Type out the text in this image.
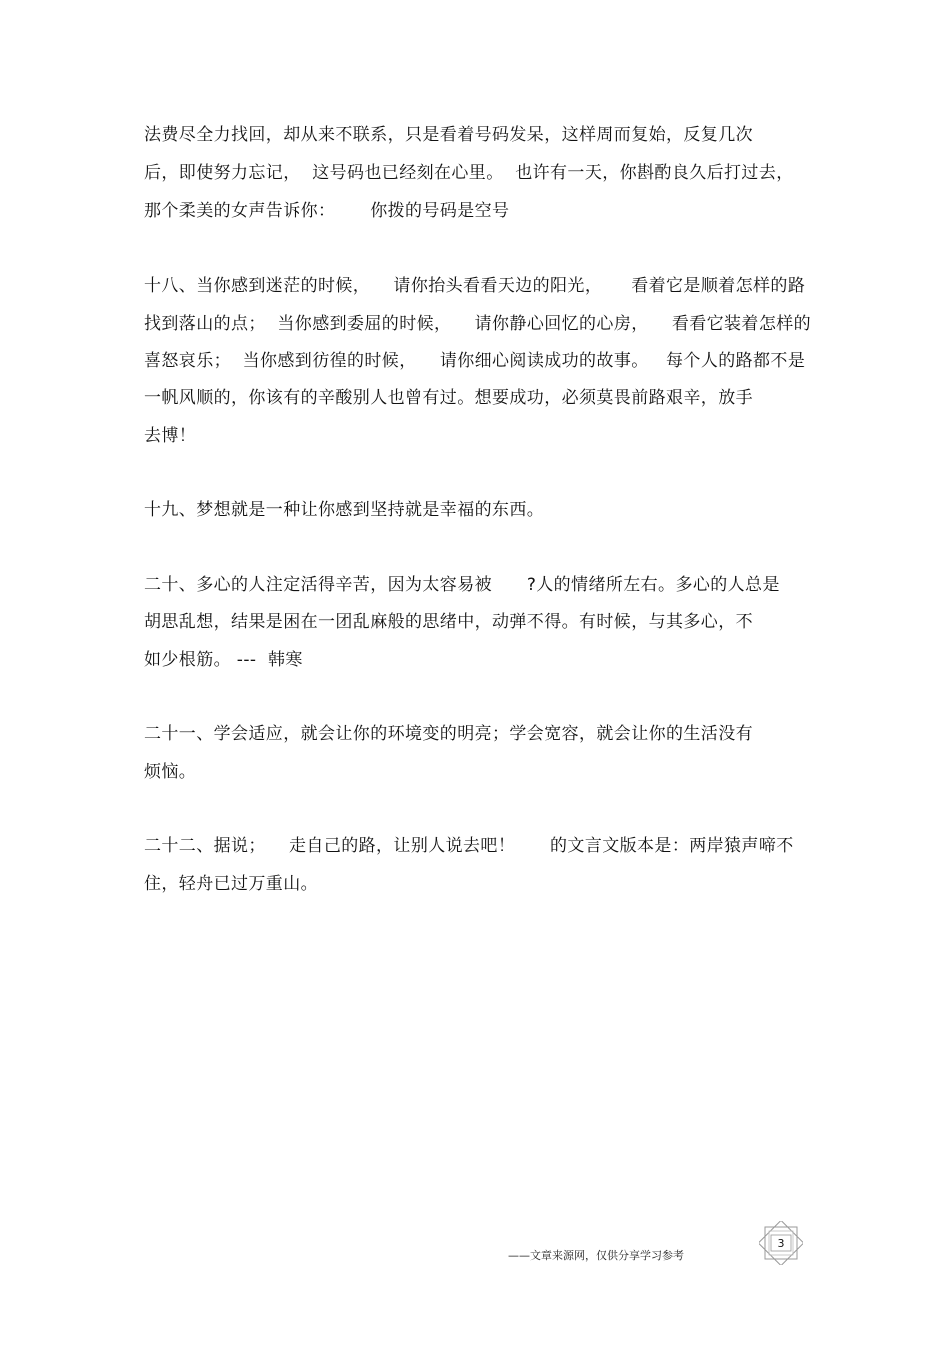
法费尽全力找回，却从来不联系，只是看着号码发呆，这样周而复始，反复几次
后，即使努力忘记，  这号码也已经刻在心里。  也许有一天，你斟酌良久后打过去，
那个柔美的女声告诉你：      你拨的号码是空号
十八、当你感到迷茫的时候，    请你抬头看看天边的阳光，     看着它是顺着怎样的路
找到落山的点；  当你感到委屈的时候，    请你静心回忆的心房，    看看它装着怎样的
喜怒哀乐；  当你感到彷徨的时候，    请你细心阅读成功的故事。   每个人的路都不是
一帆风顺的，你该有的辛酸别人也曾有过。想要成功，必须莫畏前路艰辛，放手
去博！
十九、梦想就是一种让你感到坚持就是幸福的东西。
二十、多心的人注定活得辛苦，因为太容易被      ?人的情绪所左右。多心的人总是
胡思乱想，结果是困在一团乱麻般的思绪中，动弹不得。有时候，与其多心，不
如少根筋。 ---  韩寒
二十一、学会适应，就会让你的环境变的明亮；学会宽容，就会让你的生活没有
烦恼。
二十二、据说；    走自己的路，让别人说去吧！      的文言文版本是：两岸猿声啼不
住，轻舟已过万重山。
——文章来源网，仅供分享学习参考
3
